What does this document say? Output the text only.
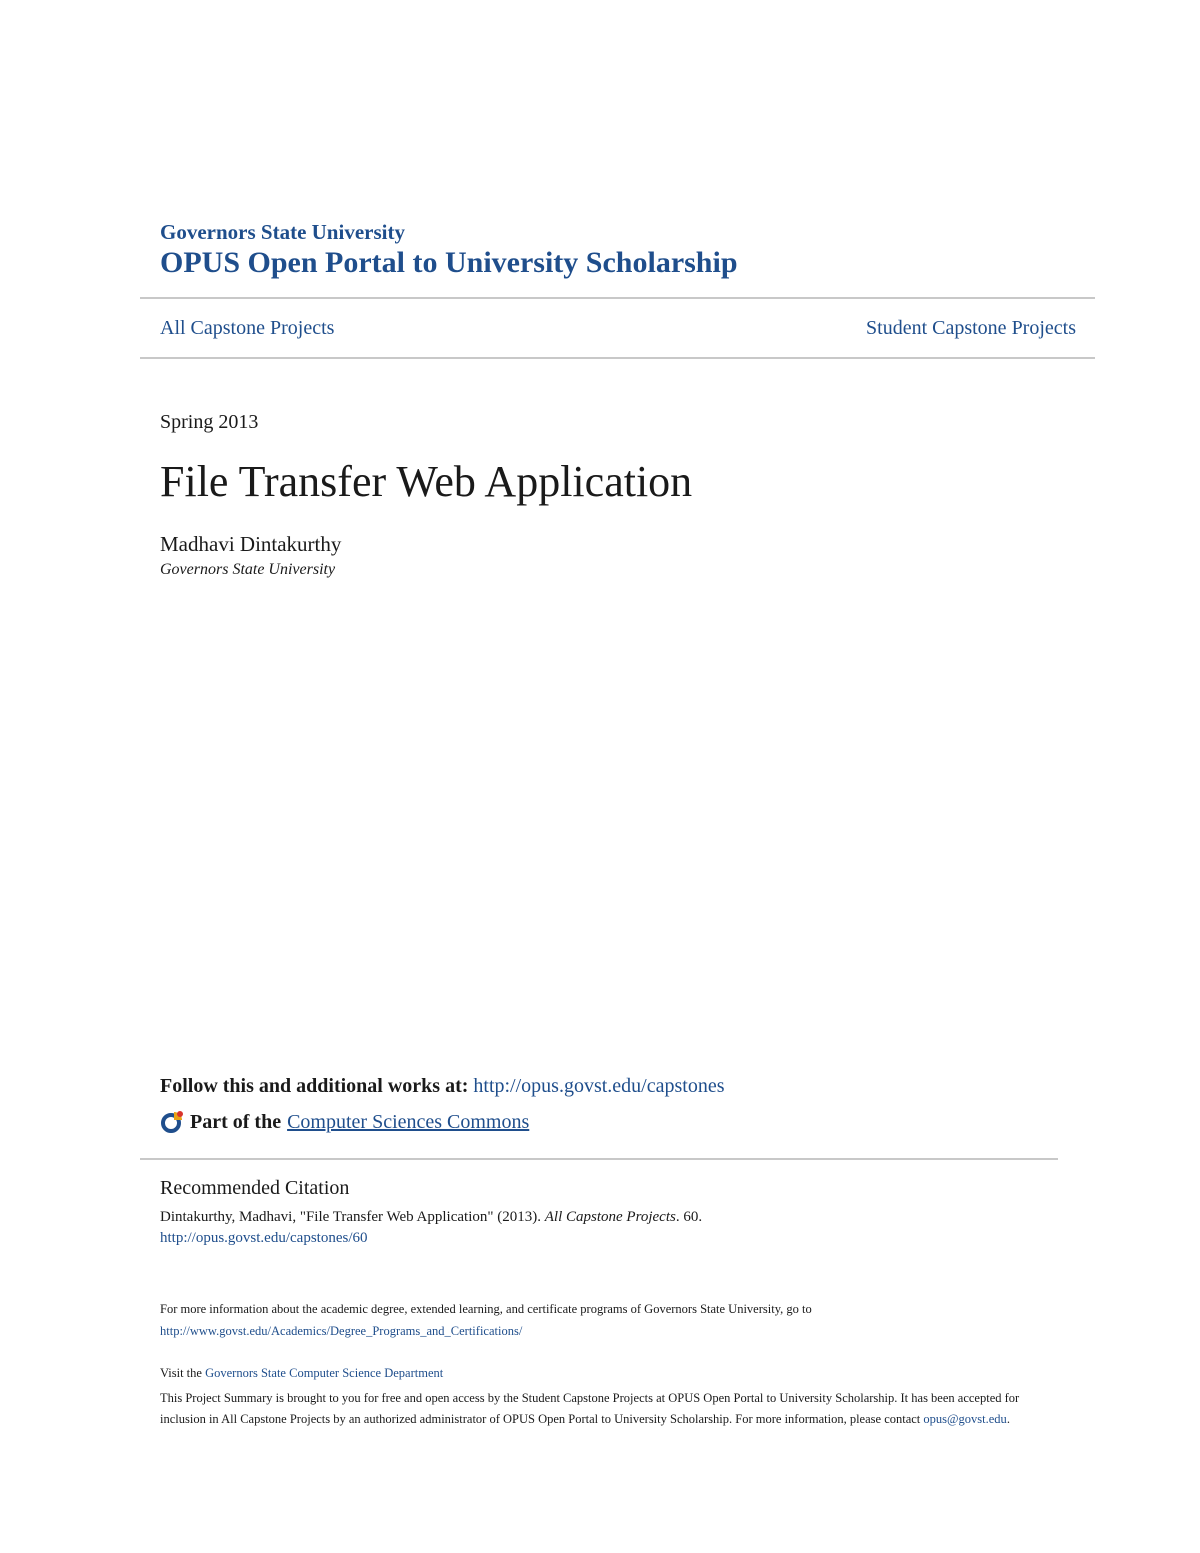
Governors State University
OPUS Open Portal to University Scholarship
All Capstone Projects	Student Capstone Projects
Spring 2013
File Transfer Web Application
Madhavi Dintakurthy
Governors State University
Follow this and additional works at: http://opus.govst.edu/capstones
Part of the Computer Sciences Commons
Recommended Citation
Dintakurthy, Madhavi, "File Transfer Web Application" (2013). All Capstone Projects. 60.
http://opus.govst.edu/capstones/60
For more information about the academic degree, extended learning, and certificate programs of Governors State University, go to
http://www.govst.edu/Academics/Degree_Programs_and_Certifications/
Visit the Governors State Computer Science Department
This Project Summary is brought to you for free and open access by the Student Capstone Projects at OPUS Open Portal to University Scholarship. It has been accepted for inclusion in All Capstone Projects by an authorized administrator of OPUS Open Portal to University Scholarship. For more information, please contact opus@govst.edu.
